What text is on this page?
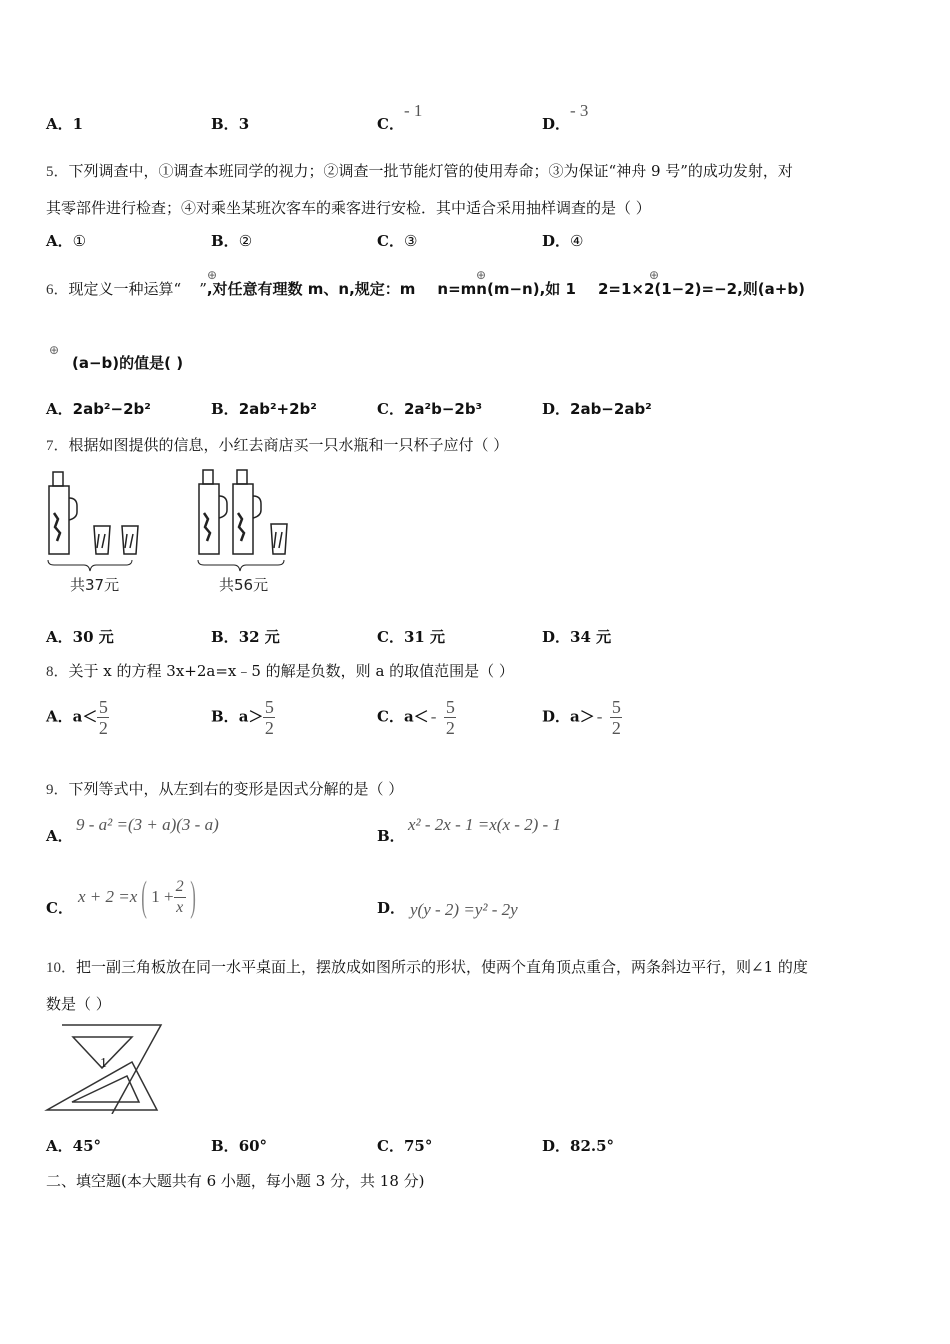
A．1	B．3	C．- 1
D．- 3
5．下列调查中，①调查本班同学的视力；②调查一批节能灯管的使用寿命；③为保证“神舟 9 号”的成功发射，对
其零部件进行检查；④对乘坐某班次客车的乘客进行安检．其中适合采用抽样调查的是（ ）
A．①	B．②	C．③	D．④
6．现定义一种运算“ ”,对任意有理数 m、n,规定：m n=mn(m−n),如 1 2=1×2(1−2)=−2,则(a+b)
⊕	⊕	⊕
⊕
(a−b)的值是( )
A．2ab²−2b²	B．2ab²+2b²	C．2a²b−2b³	D．2ab−2ab²
7．根据如图提供的信息，小红去商店买一只水瓶和一只杯子应付（ ）
共37元	共56元
A．30 元	B．32 元	C．31 元	D．34 元
8．关于 x 的方程 3x+2a=x﹣5 的解是负数，则 a 的取值范围是（ ）
A．$a< \frac{5}{2}$	B．$a> \frac{5}{2}$	C．$a< - \frac{5}{2}$	D．$a> - \frac{5}{2}$
9．下列等式中，从左到右的变形是因式分解的是（ ）
A．
9 - a² =(3 + a)(3 - a)
B．
x² - 2x - 1 =x(x - 2) - 1
C．
x + 2 =x ( $1 + \frac{2}{x}$ )	D． y(y - 2) =y² - 2y
10．把一副三角板放在同一水平桌面上，摆放成如图所示的形状，使两个直角顶点重合，两条斜边平行，则∠1 的度
数是（ ）
1
A．45°	B．60°	C．75°	D．82.5°
二、填空题(本大题共有 6 小题，每小题 3 分，共 18 分)
